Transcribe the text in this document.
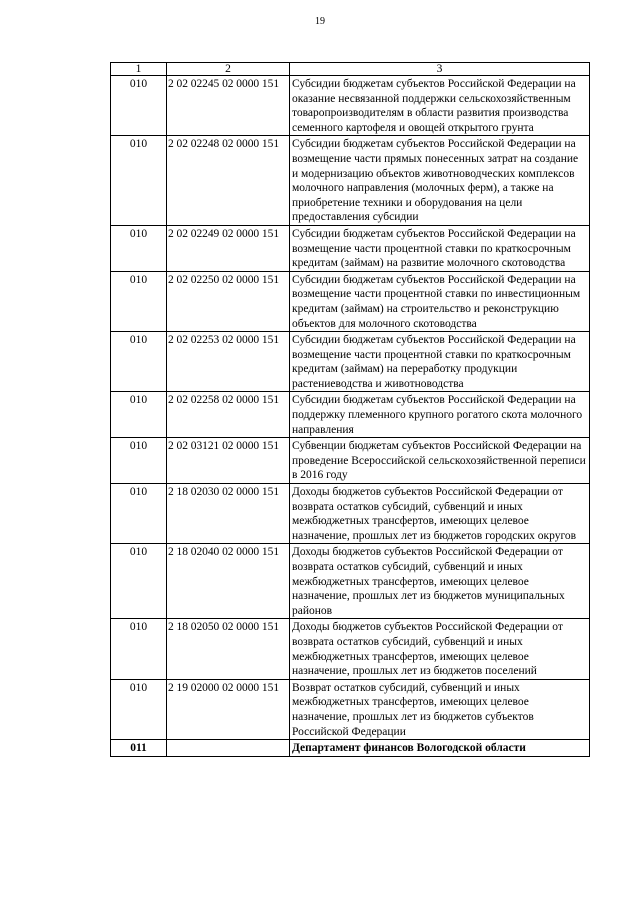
19
1	2	3
010	2 02 02245 02 0000 151	Субсидии бюджетам субъектов Российской Федерации на оказание несвязанной поддержки сельскохозяйственным товаропроизводителям в области развития производства семенного картофеля и овощей открытого грунта
010	2 02 02248 02 0000 151	Субсидии бюджетам субъектов Российской Федерации на возмещение части прямых понесенных затрат на создание и модернизацию объектов животноводческих комплексов молочного направления (молочных ферм), а также на приобретение техники и оборудования на цели предоставления субсидии
010	2 02 02249 02 0000 151	Субсидии бюджетам субъектов Российской Федерации на возмещение части процентной ставки по краткосрочным кредитам (займам) на развитие молочного скотоводства
010	2 02 02250 02 0000 151	Субсидии бюджетам субъектов Российской Федерации на возмещение части процентной ставки по инвестиционным кредитам (займам) на строительство и реконструкцию объектов для молочного скотоводства
010	2 02 02253 02 0000 151	Субсидии бюджетам субъектов Российской Федерации на возмещение части процентной ставки по краткосрочным кредитам (займам) на переработку продукции растениеводства и животноводства
010	2 02 02258 02 0000 151	Субсидии бюджетам субъектов Российской Федерации на поддержку племенного крупного рогатого скота молочного направления
010	2 02 03121 02 0000 151	Субвенции бюджетам субъектов Российской Федерации на проведение Всероссийской сельскохозяйственной переписи в 2016 году
010	2 18 02030 02 0000 151	Доходы бюджетов субъектов Российской Федерации от возврата остатков субсидий, субвенций и иных межбюджетных трансфертов, имеющих целевое назначение, прошлых лет из бюджетов городских округов
010	2 18 02040 02 0000 151	Доходы бюджетов субъектов Российской Федерации от возврата остатков субсидий, субвенций и иных межбюджетных трансфертов, имеющих целевое назначение, прошлых лет из бюджетов муниципальных районов
010	2 18 02050 02 0000 151	Доходы бюджетов субъектов Российской Федерации от возврата остатков субсидий, субвенций и иных межбюджетных трансфертов, имеющих целевое назначение, прошлых лет из бюджетов поселений
010	2 19 02000 02 0000 151	Возврат остатков субсидий, субвенций и иных межбюджетных трансфертов, имеющих целевое назначение, прошлых лет из бюджетов субъектов Российской Федерации
011		Департамент финансов Вологодской области
